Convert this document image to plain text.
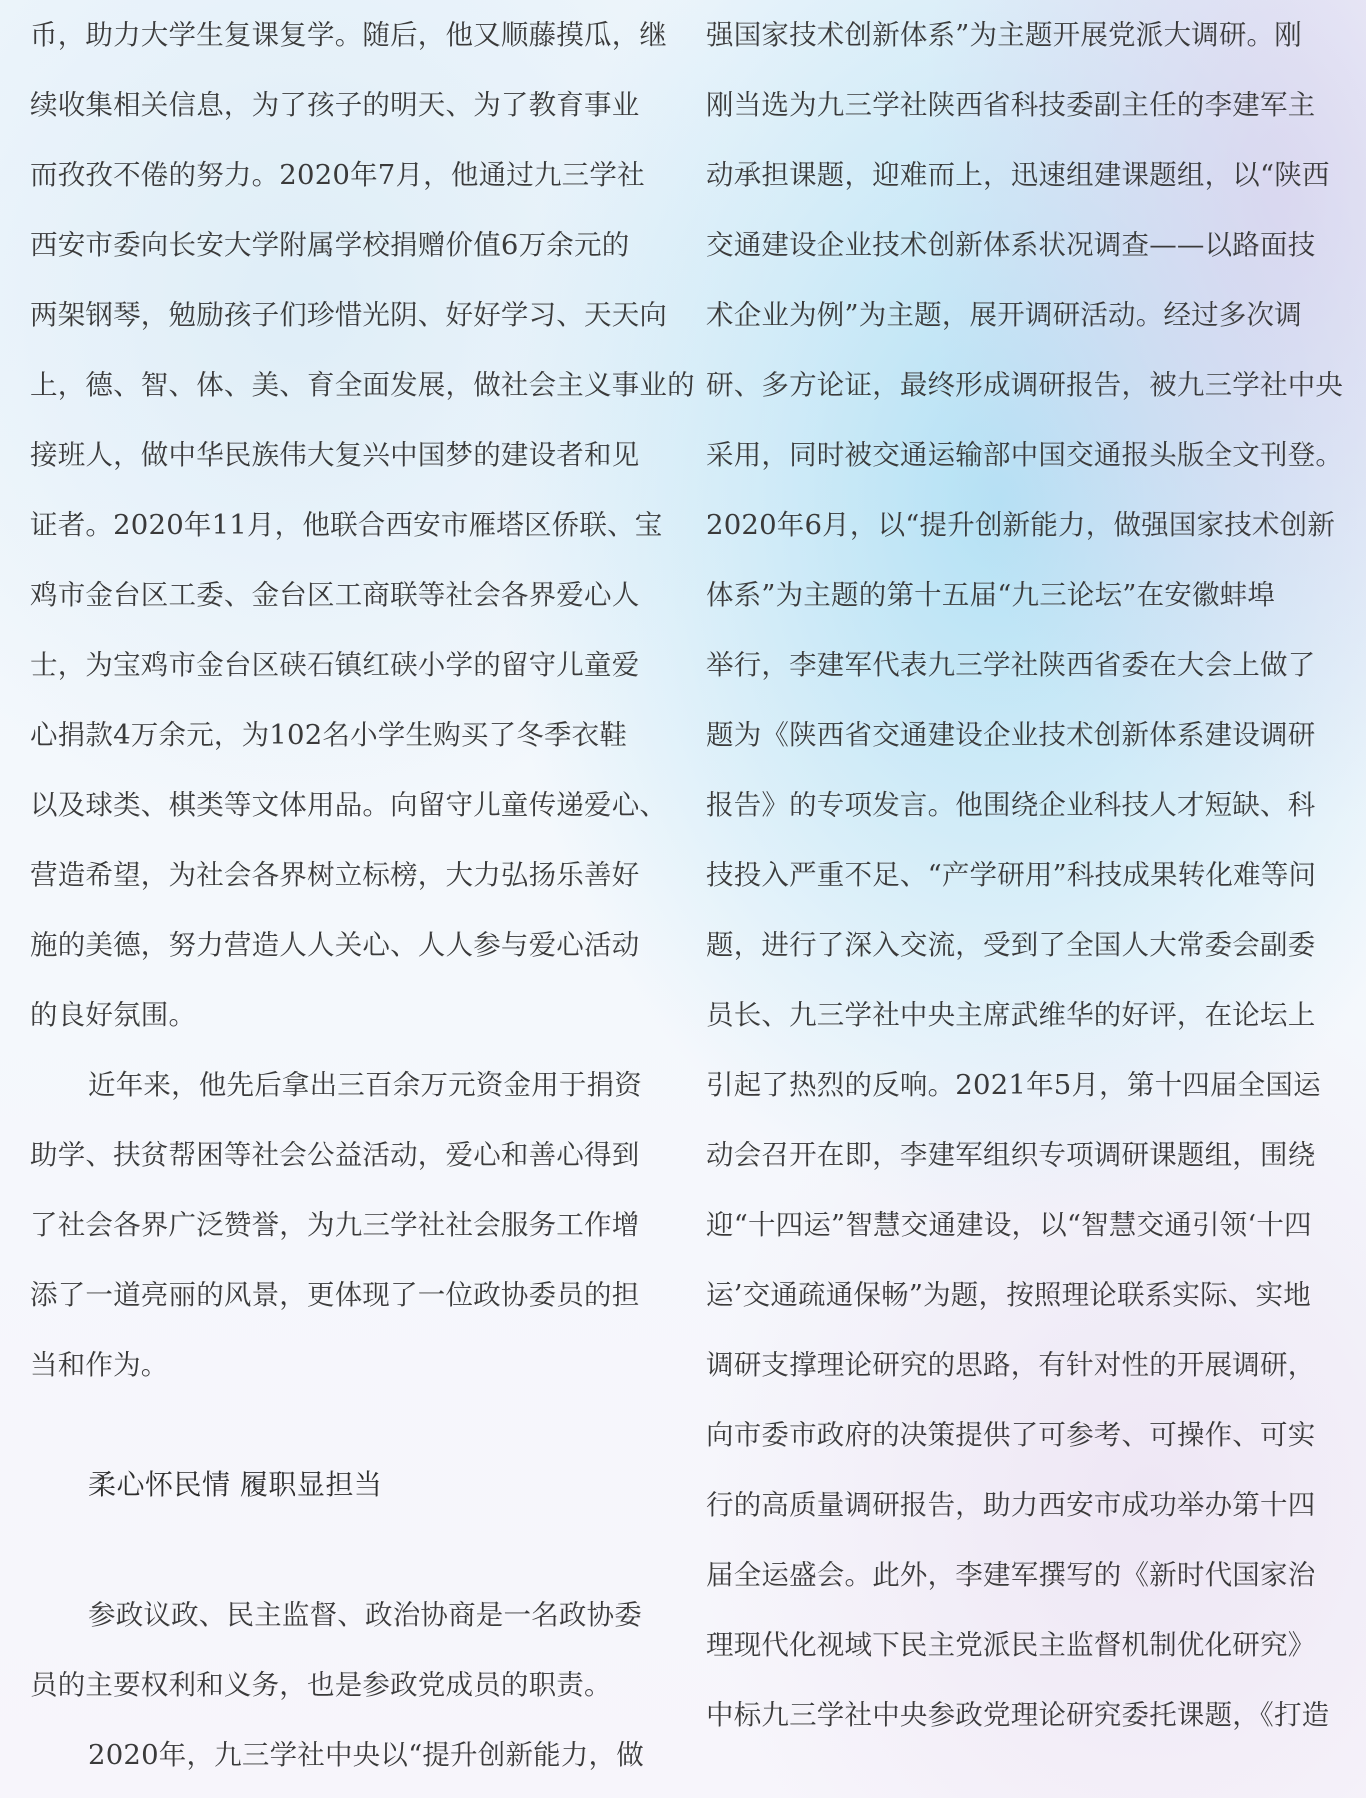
币，助力大学生复课复学。随后，他又顺藤摸瓜，继
续收集相关信息，为了孩子的明天、为了教育事业
而孜孜不倦的努力。2020年7月，他通过九三学社
西安市委向长安大学附属学校捐赠价值6万余元的
两架钢琴，勉励孩子们珍惜光阴、好好学习、天天向
上，德、智、体、美、育全面发展，做社会主义事业的
接班人，做中华民族伟大复兴中国梦的建设者和见
证者。2020年11月，他联合西安市雁塔区侨联、宝
鸡市金台区工委、金台区工商联等社会各界爱心人
士，为宝鸡市金台区硖石镇红硖小学的留守儿童爱
心捐款4万余元，为102名小学生购买了冬季衣鞋
以及球类、棋类等文体用品。向留守儿童传递爱心、
营造希望，为社会各界树立标榜，大力弘扬乐善好
施的美德，努力营造人人关心、人人参与爱心活动
的良好氛围。
近年来，他先后拿出三百余万元资金用于捐资
助学、扶贫帮困等社会公益活动，爱心和善心得到
了社会各界广泛赞誉，为九三学社社会服务工作增
添了一道亮丽的风景，更体现了一位政协委员的担
当和作为。
柔心怀民情 履职显担当
参政议政、民主监督、政治协商是一名政协委
员的主要权利和义务，也是参政党成员的职责。
2020年，九三学社中央以“提升创新能力，做
强国家技术创新体系”为主题开展党派大调研。刚
刚当选为九三学社陕西省科技委副主任的李建军主
动承担课题，迎难而上，迅速组建课题组，以“陕西
交通建设企业技术创新体系状况调查——以路面技
术企业为例”为主题，展开调研活动。经过多次调
研、多方论证，最终形成调研报告，被九三学社中央
采用，同时被交通运输部中国交通报头版全文刊登。
2020年6月，以“提升创新能力，做强国家技术创新
体系”为主题的第十五届“九三论坛”在安徽蚌埠
举行，李建军代表九三学社陕西省委在大会上做了
题为《陕西省交通建设企业技术创新体系建设调研
报告》的专项发言。他围绕企业科技人才短缺、科
技投入严重不足、“产学研用”科技成果转化难等问
题，进行了深入交流，受到了全国人大常委会副委
员长、九三学社中央主席武维华的好评，在论坛上
引起了热烈的反响。2021年5月，第十四届全国运
动会召开在即，李建军组织专项调研课题组，围绕
迎“十四运”智慧交通建设，以“智慧交通引领‘十四
运’交通疏通保畅”为题，按照理论联系实际、实地
调研支撑理论研究的思路，有针对性的开展调研，
向市委市政府的决策提供了可参考、可操作、可实
行的高质量调研报告，助力西安市成功举办第十四
届全运盛会。此外，李建军撰写的《新时代国家治
理现代化视域下民主党派民主监督机制优化研究》
中标九三学社中央参政党理论研究委托课题，《打造
